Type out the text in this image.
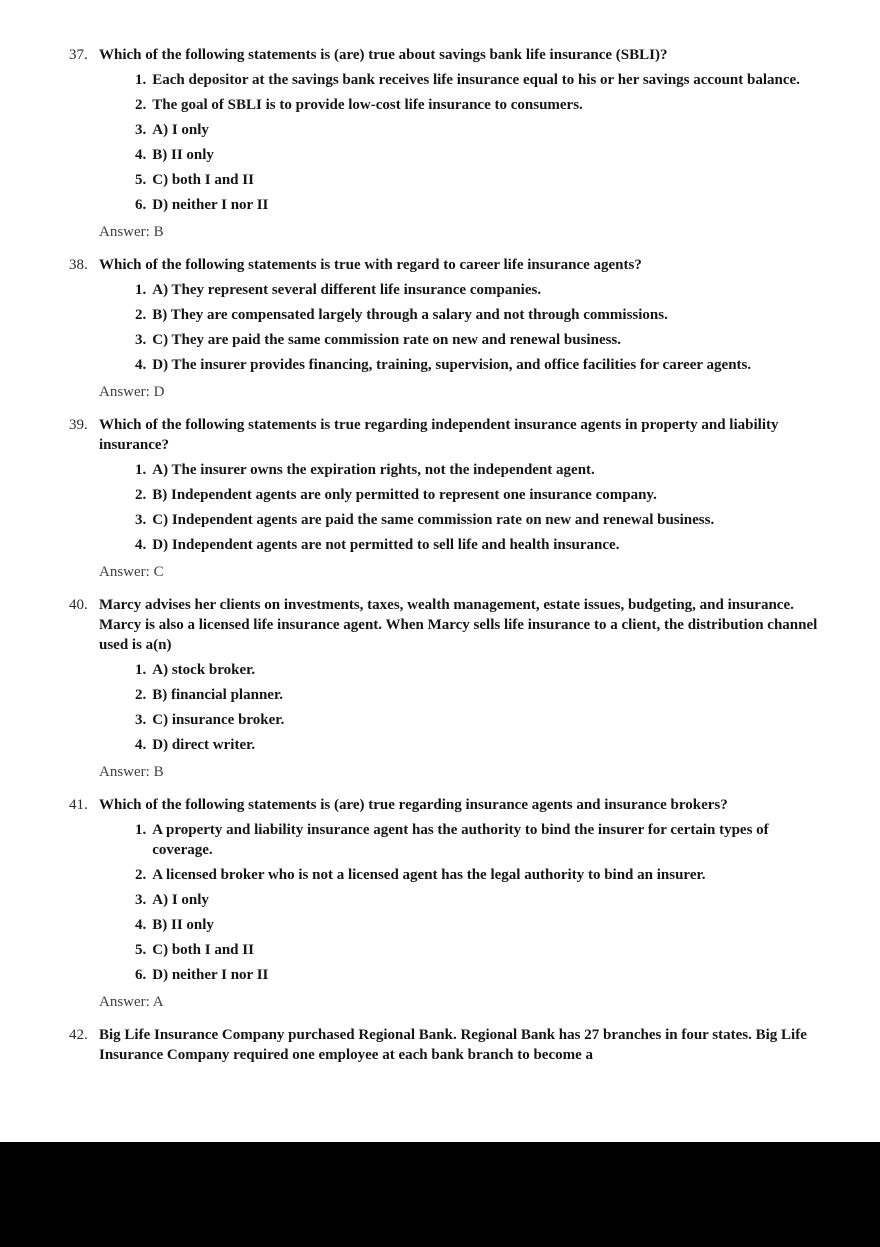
37. Which of the following statements is (are) true about savings bank life insurance (SBLI)?

1. Each depositor at the savings bank receives life insurance equal to his or her savings account balance.
2. The goal of SBLI is to provide low-cost life insurance to consumers.
3. A) I only
4. B) II only
5. C) both I and II
6. D) neither I nor II

Answer: B

38. Which of the following statements is true with regard to career life insurance agents?

1. A) They represent several different life insurance companies.
2. B) They are compensated largely through a salary and not through commissions.
3. C) They are paid the same commission rate on new and renewal business.
4. D) The insurer provides financing, training, supervision, and office facilities for career agents.

Answer: D

39. Which of the following statements is true regarding independent insurance agents in property and liability insurance?

1. A) The insurer owns the expiration rights, not the independent agent.
2. B) Independent agents are only permitted to represent one insurance company.
3. C) Independent agents are paid the same commission rate on new and renewal business.
4. D) Independent agents are not permitted to sell life and health insurance.

Answer: C

40. Marcy advises her clients on investments, taxes, wealth management, estate issues, budgeting, and insurance. Marcy is also a licensed life insurance agent. When Marcy sells life insurance to a client, the distribution channel used is a(n)

1. A) stock broker.
2. B) financial planner.
3. C) insurance broker.
4. D) direct writer.

Answer: B

41. Which of the following statements is (are) true regarding insurance agents and insurance brokers?

1. A property and liability insurance agent has the authority to bind the insurer for certain types of coverage.
2. A licensed broker who is not a licensed agent has the legal authority to bind an insurer.
3. A) I only
4. B) II only
5. C) both I and II
6. D) neither I nor II

Answer: A

42. Big Life Insurance Company purchased Regional Bank. Regional Bank has 27 branches in four states. Big Life Insurance Company required one employee at each bank branch to become a
